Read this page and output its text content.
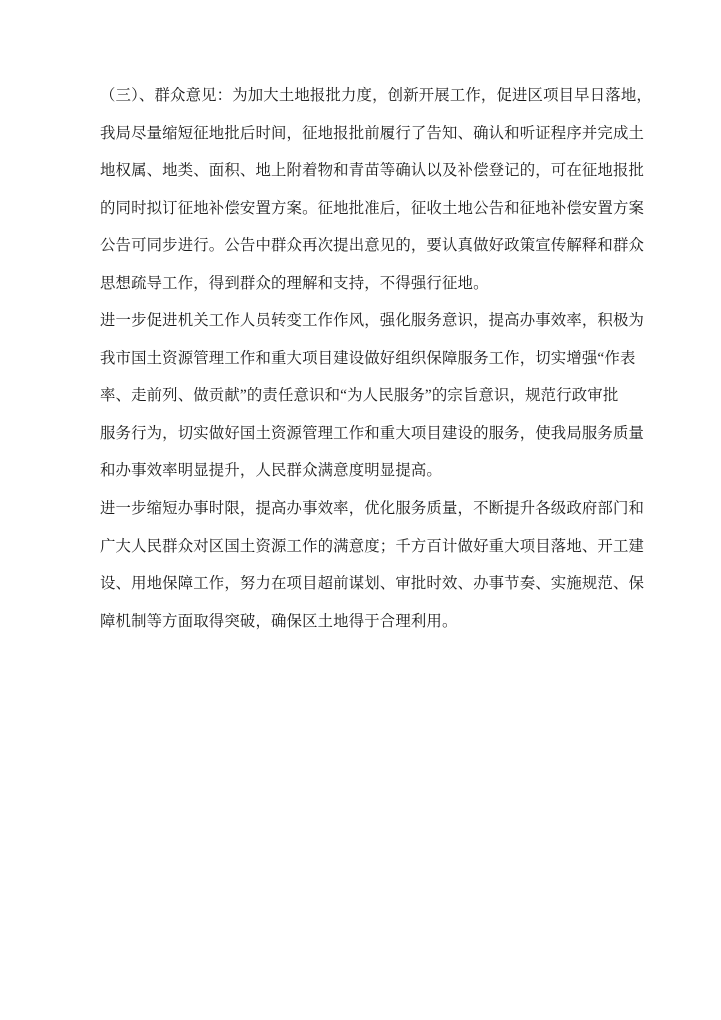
（三）、群众意见：为加大土地报批力度，创新开展工作，促进区项目早日落地，
我局尽量缩短征地批后时间，征地报批前履行了告知、确认和听证程序并完成土
地权属、地类、面积、地上附着物和青苗等确认以及补偿登记的，可在征地报批
的同时拟订征地补偿安置方案。征地批准后，征收土地公告和征地补偿安置方案
公告可同步进行。公告中群众再次提出意见的，要认真做好政策宣传解释和群众
思想疏导工作，得到群众的理解和支持，不得强行征地。
进一步促进机关工作人员转变工作作风，强化服务意识，提高办事效率，积极为
我市国土资源管理工作和重大项目建设做好组织保障服务工作，切实增强“作表
率、走前列、做贡献”的责任意识和“为人民服务”的宗旨意识，规范行政审批
服务行为，切实做好国土资源管理工作和重大项目建设的服务，使我局服务质量
和办事效率明显提升，人民群众满意度明显提高。
进一步缩短办事时限，提高办事效率，优化服务质量，不断提升各级政府部门和
广大人民群众对区国土资源工作的满意度；千方百计做好重大项目落地、开工建
设、用地保障工作，努力在项目超前谋划、审批时效、办事节奏、实施规范、保
障机制等方面取得突破，确保区土地得于合理利用。
